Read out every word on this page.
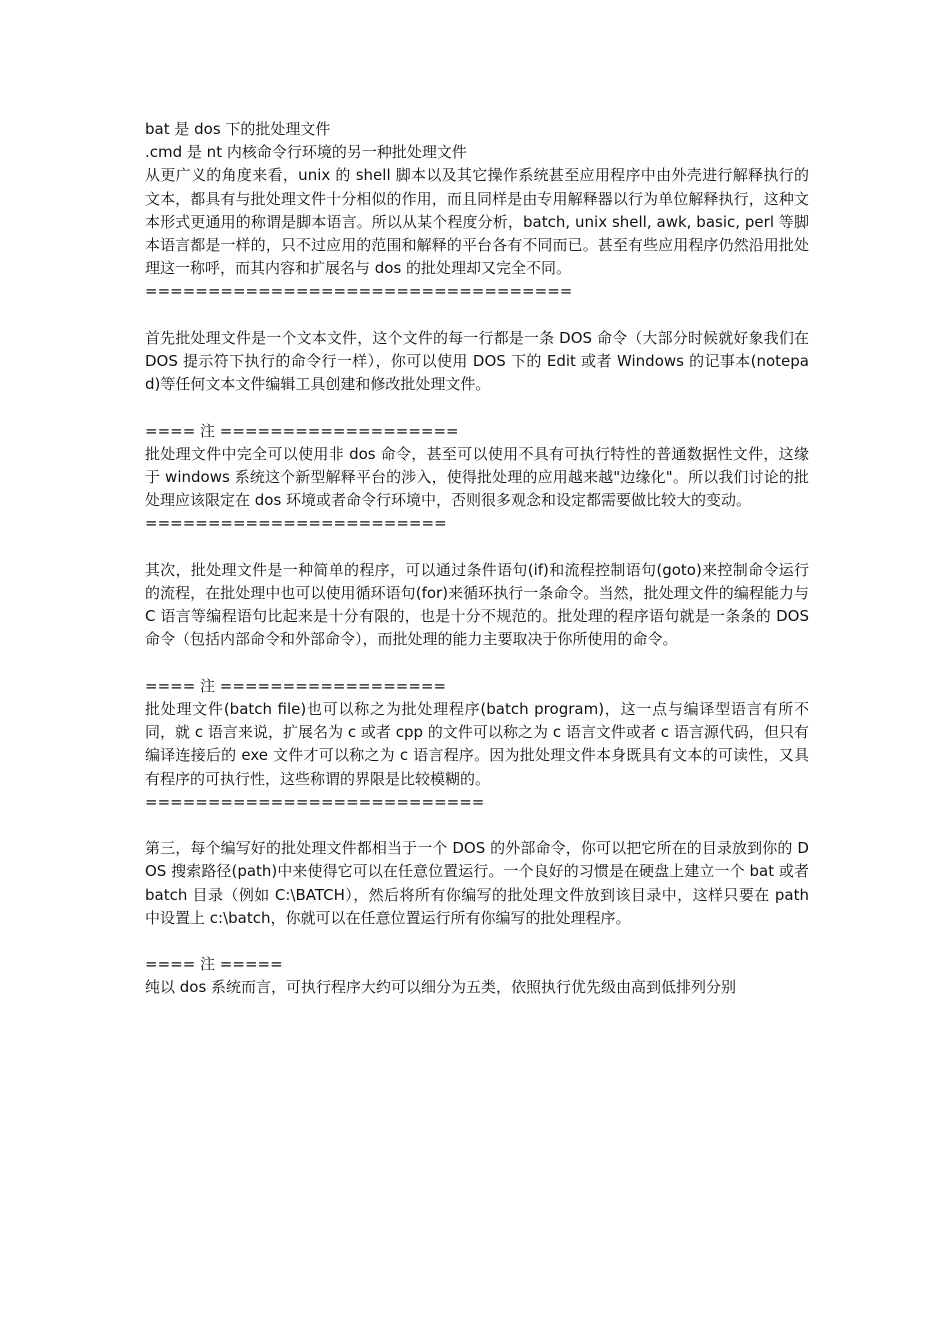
bat 是 dos 下的批处理文件

.cmd 是 nt 内核命令行环境的另一种批处理文件

从更广义的角度来看，unix 的 shell 脚本以及其它操作系统甚至应用程序中由外壳进行解释执行的文本，都具有与批处理文件十分相似的作用，而且同样是由专用解释器以行为单位解释执行，这种文本形式更通用的称谓是脚本语言。所以从某个程度分析，batch, unix shell, awk, basic, perl 等脚本语言都是一样的，只不过应用的范围和解释的平台各有不同而已。甚至有些应用程序仍然沿用批处理这一称呼，而其内容和扩展名与 dos 的批处理却又完全不同。

==================================

首先批处理文件是一个文本文件，这个文件的每一行都是一条 DOS 命令（大部分时候就好象我们在 DOS 提示符下执行的命令行一样），你可以使用 DOS 下的 Edit 或者 Windows 的记事本(notepad)等任何文本文件编辑工具创建和修改批处理文件。

==== 注 ===================

批处理文件中完全可以使用非 dos 命令，甚至可以使用不具有可执行特性的普通数据性文件，这缘于 windows 系统这个新型解释平台的涉入，使得批处理的应用越来越"边缘化"。所以我们讨论的批处理应该限定在 dos 环境或者命令行环境中，否则很多观念和设定都需要做比较大的变动。

========================

其次，批处理文件是一种简单的程序，可以通过条件语句(if)和流程控制语句(goto)来控制命令运行的流程，在批处理中也可以使用循环语句(for)来循环执行一条命令。当然，批处理文件的编程能力与 C 语言等编程语句比起来是十分有限的，也是十分不规范的。批处理的程序语句就是一条条的 DOS 命令（包括内部命令和外部命令），而批处理的能力主要取决于你所使用的命令。

==== 注 ==================

批处理文件(batch file)也可以称之为批处理程序(batch program)，这一点与编译型语言有所不同，就 c 语言来说，扩展名为 c 或者 cpp 的文件可以称之为 c 语言文件或者 c 语言源代码，但只有编译连接后的 exe 文件才可以称之为 c 语言程序。因为批处理文件本身既具有文本的可读性，又具有程序的可执行性，这些称谓的界限是比较模糊的。

===========================

第三，每个编写好的批处理文件都相当于一个 DOS 的外部命令，你可以把它所在的目录放到你的 DOS 搜索路径(path)中来使得它可以在任意位置运行。一个良好的习惯是在硬盘上建立一个 bat 或者 batch 目录（例如 C:\BATCH），然后将所有你编写的批处理文件放到该目录中，这样只要在 path 中设置上 c:\batch，你就可以在任意位置运行所有你编写的批处理程序。

==== 注 =====

纯以 dos 系统而言，可执行程序大约可以细分为五类，依照执行优先级由高到低排列分别
